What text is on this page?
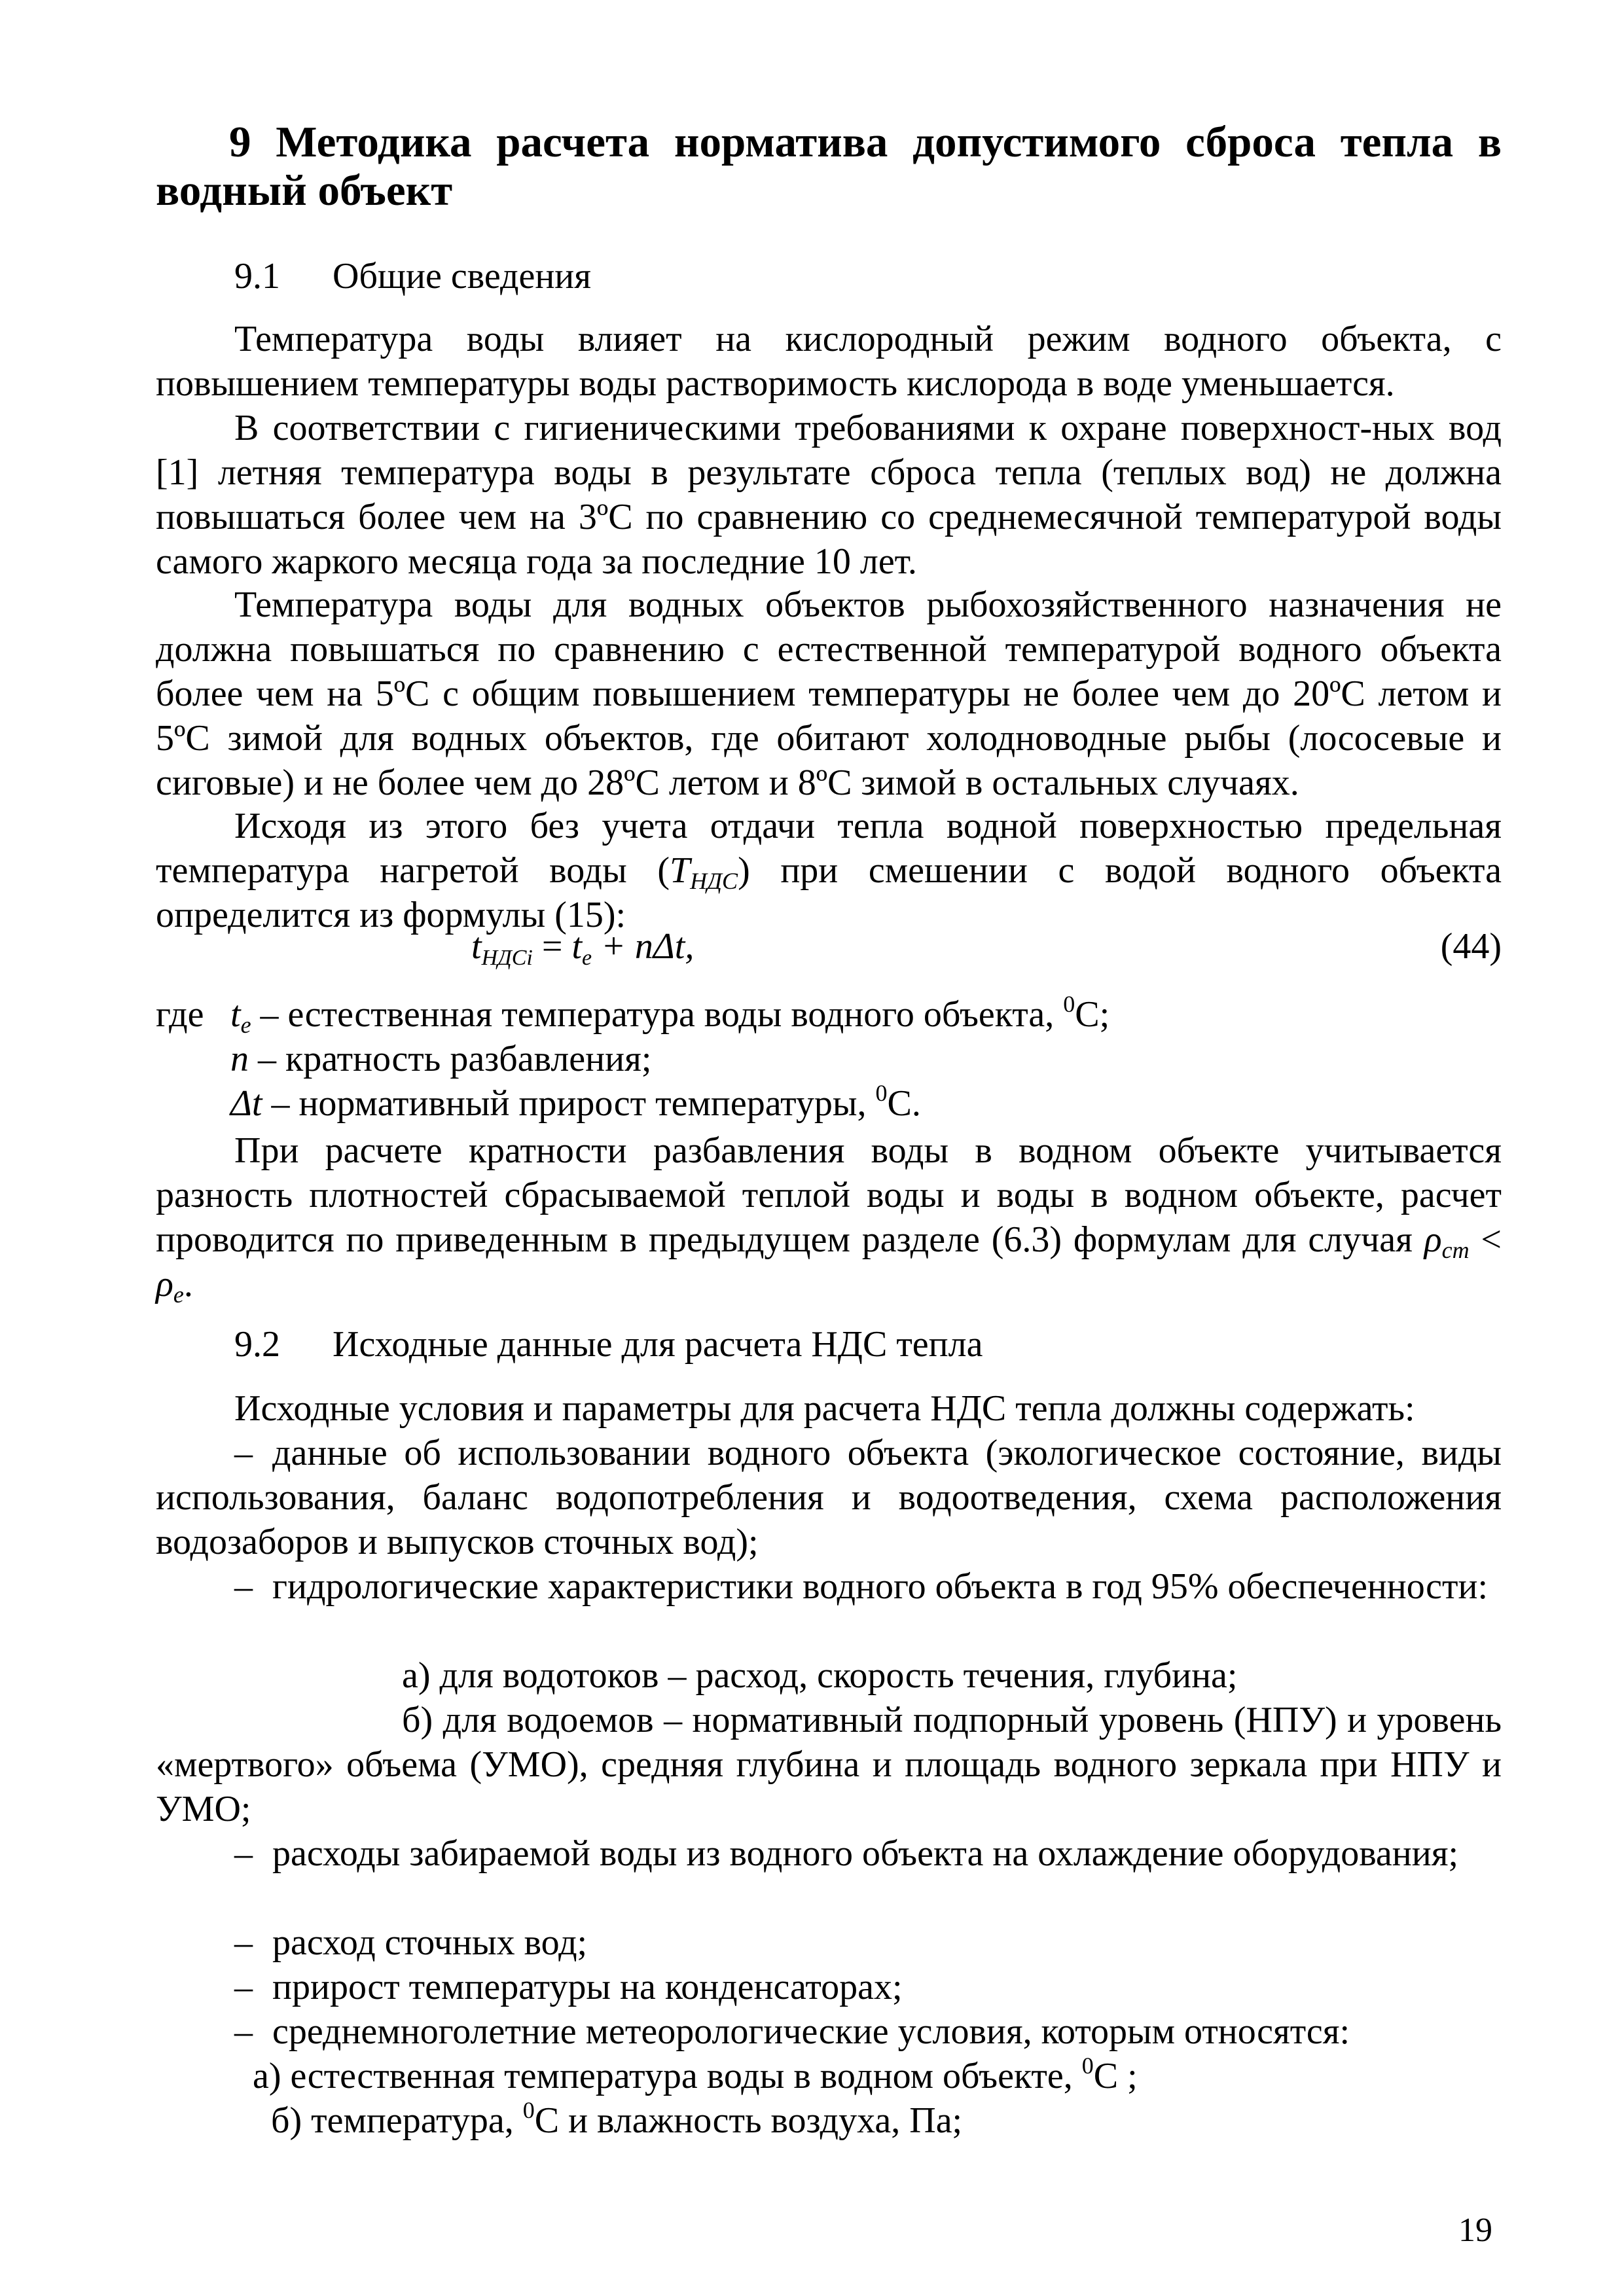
9 Методика расчета норматива допустимого сброса тепла в водный объект
9.1 Общие сведения
Температура воды влияет на кислородный режим водного объекта, с повышением температуры воды растворимость кислорода в воде уменьшается.
В соответствии с гигиеническими требованиями к охране поверхност-ных вод [1] летняя температура воды в результате сброса тепла (теплых вод) не должна повышаться более чем на 3ºС по сравнению со среднемесячной температурой воды самого жаркого месяца года за последние 10 лет.
Температура воды для водных объектов рыбохозяйственного назначения не должна повышаться по сравнению с естественной температурой водного объекта более чем на 5ºС с общим повышением температуры не более чем до 20ºС летом и 5ºС зимой для водных объектов, где обитают холодноводные рыбы (лососевые и сиговые) и не более чем до 28ºС летом и 8ºС зимой в остальных случаях.
Исходя из этого без учета отдачи тепла водной поверхностью предельная температура нагретой воды $(T_{НДС})$ при смешении с водой водного объекта определится из формулы (15):
$t_{НДСi} = t_e + n\Delta t$,	(44)
где $t_e$ – естественная температура воды водного объекта, $^0$С;
n – кратность разбавления;
Δt – нормативный прирост температуры, $^0$С.
При расчете кратности разбавления воды в водном объекте учитывается разность плотностей сбрасываемой теплой воды и воды в водном объекте, расчет проводится по приведенным в предыдущем разделе (6.3) формулам для случая $\rho_{ст} < \rho_e$.
9.2 Исходные данные для расчета НДС тепла
Исходные условия и параметры для расчета НДС тепла должны содержать:
– данные об использовании водного объекта (экологическое состояние, виды использования, баланс водопотребления и водоотведения, схема расположения водозаборов и выпусков сточных вод);
– гидрологические характеристики водного объекта в год 95% обеспеченности:
а) для водотоков – расход, скорость течения, глубина;
б) для водоемов – нормативный подпорный уровень (НПУ) и уровень «мертвого» объема (УМО), средняя глубина и площадь водного зеркала при НПУ и УМО;
– расходы забираемой воды из водного объекта на охлаждение оборудования;
– расход сточных вод;
– прирост температуры на конденсаторах;
– среднемноголетние метеорологические условия, которым относятся:
а) естественная температура воды в водном объекте, $^0$С ;
б) температура, $^0$С и влажность воздуха, Па;
19
